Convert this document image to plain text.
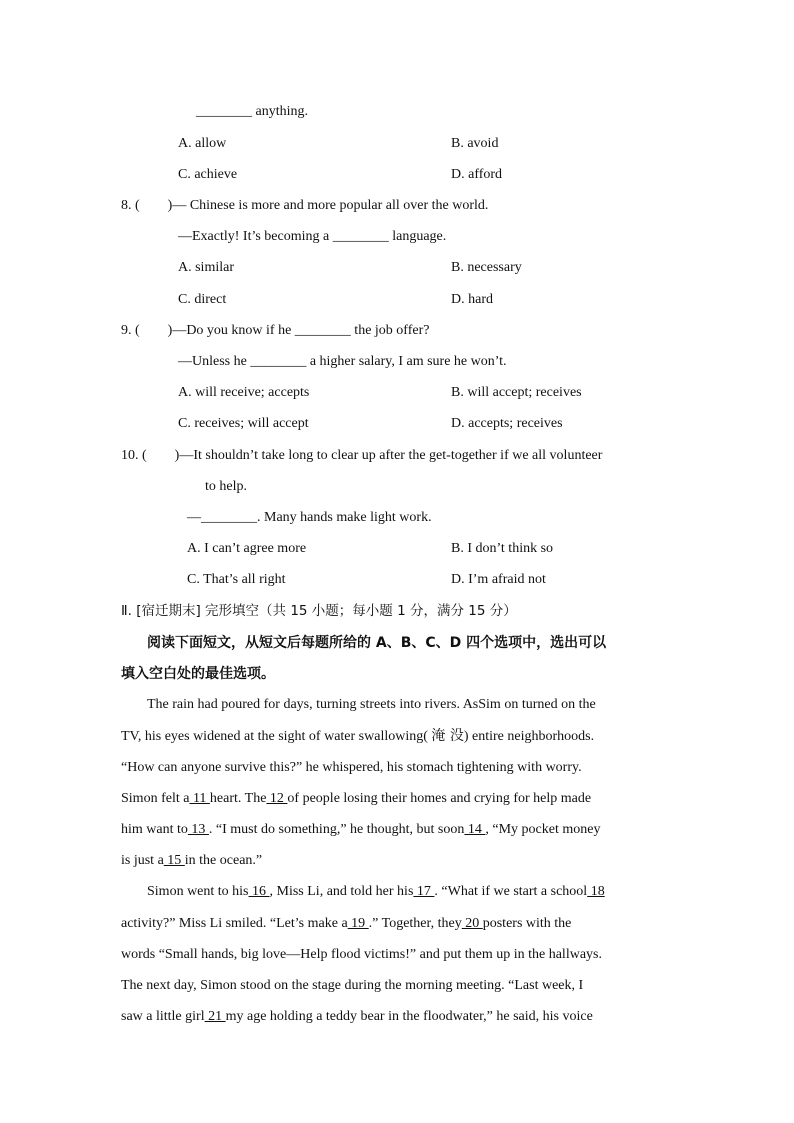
________ anything.
A. allow	B. avoid
C. achieve	D. afford
8. (　　)— Chinese is more and more popular all over the world.
—Exactly! It’s becoming a ________ language.
A. similar	B. necessary
C. direct	D. hard
9. (　　)—Do you know if he ________ the job offer?
—Unless he ________ a higher salary, I am sure he won’t.
A. will receive; accepts	B. will accept; receives
C. receives; will accept	D. accepts; receives
10. (　　)—It shouldn’t take long to clear up after the get-together if we all volunteer
to help.
—________. Many hands make light work.
A. I can’t agree more	B. I don’t think so
C. That’s all right	D. I’m afraid not
Ⅱ. [宿迁期末] 完形填空（共 15 小题；每小题 1 分，满分 15 分）
阅读下面短文，从短文后每题所给的 A、B、C、D 四个选项中，选出可以
填入空白处的最佳选项。
The rain had poured for days, turning streets into rivers. AsSim on turned on the
TV, his eyes widened at the sight of water swallowing( 淹 没) entire neighborhoods.
“How can anyone survive this?” he whispered, his stomach tightening with worry.
Simon felt a 11 heart. The 12 of people losing their homes and crying for help made
him want to 13 . “I must do something,” he thought, but soon 14 , “My pocket money
is just a 15 in the ocean.”
Simon went to his 16 , Miss Li, and told her his 17 . “What if we start a school 18
activity?” Miss Li smiled. “Let’s make a 19 .” Together, they 20 posters with the
words “Small hands, big love—Help flood victims!” and put them up in the hallways.
The next day, Simon stood on the stage during the morning meeting. “Last week, I
saw a little girl 21 my age holding a teddy bear in the floodwater,” he said, his voice
